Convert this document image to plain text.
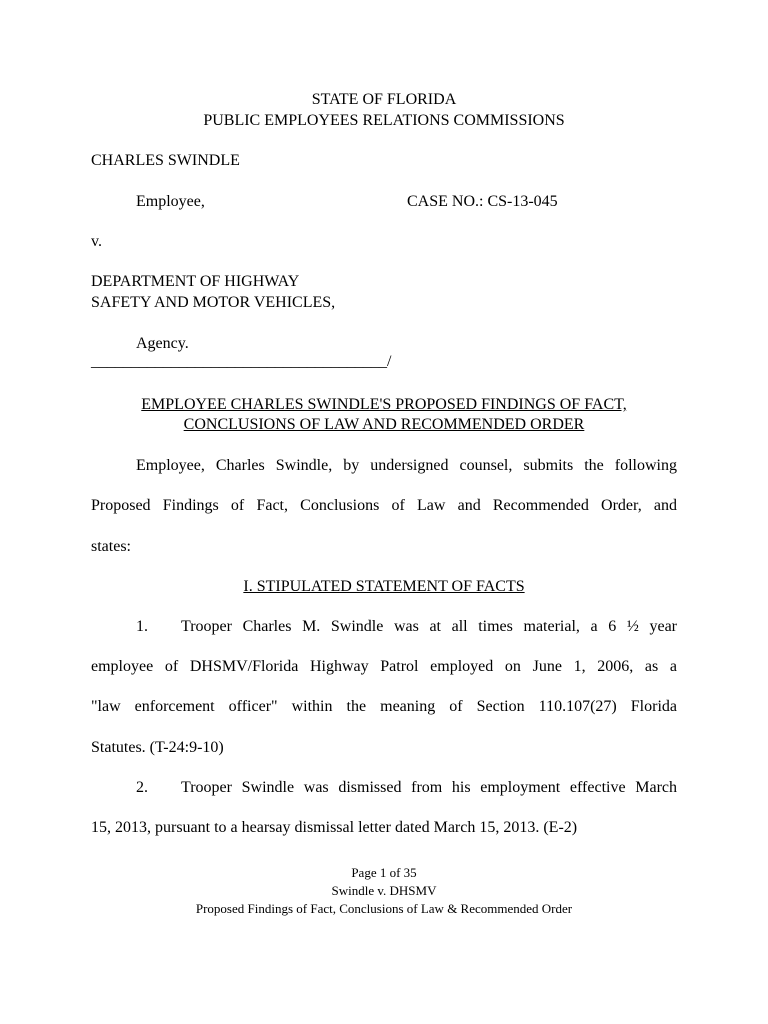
STATE OF FLORIDA
PUBLIC EMPLOYEES RELATIONS COMMISSIONS
CHARLES SWINDLE
Employee,	CASE NO.: CS-13-045
v.
DEPARTMENT OF HIGHWAY
SAFETY AND MOTOR VEHICLES,
Agency.
_____________________________________/
EMPLOYEE CHARLES SWINDLE'S PROPOSED FINDINGS OF FACT,
CONCLUSIONS OF LAW AND RECOMMENDED ORDER
Employee, Charles Swindle, by undersigned counsel, submits the following
Proposed Findings of Fact, Conclusions of Law and Recommended Order, and
states:
I. STIPULATED STATEMENT OF FACTS
1. Trooper Charles M. Swindle was at all times material, a 6 ½ year
employee of DHSMV/Florida Highway Patrol employed on June 1, 2006, as a
"law enforcement officer" within the meaning of Section 110.107(27) Florida
Statutes. (T-24:9-10)
2. Trooper Swindle was dismissed from his employment effective March
15, 2013, pursuant to a hearsay dismissal letter dated March 15, 2013. (E-2)
Page 1 of 35
Swindle v. DHSMV
Proposed Findings of Fact, Conclusions of Law & Recommended Order
